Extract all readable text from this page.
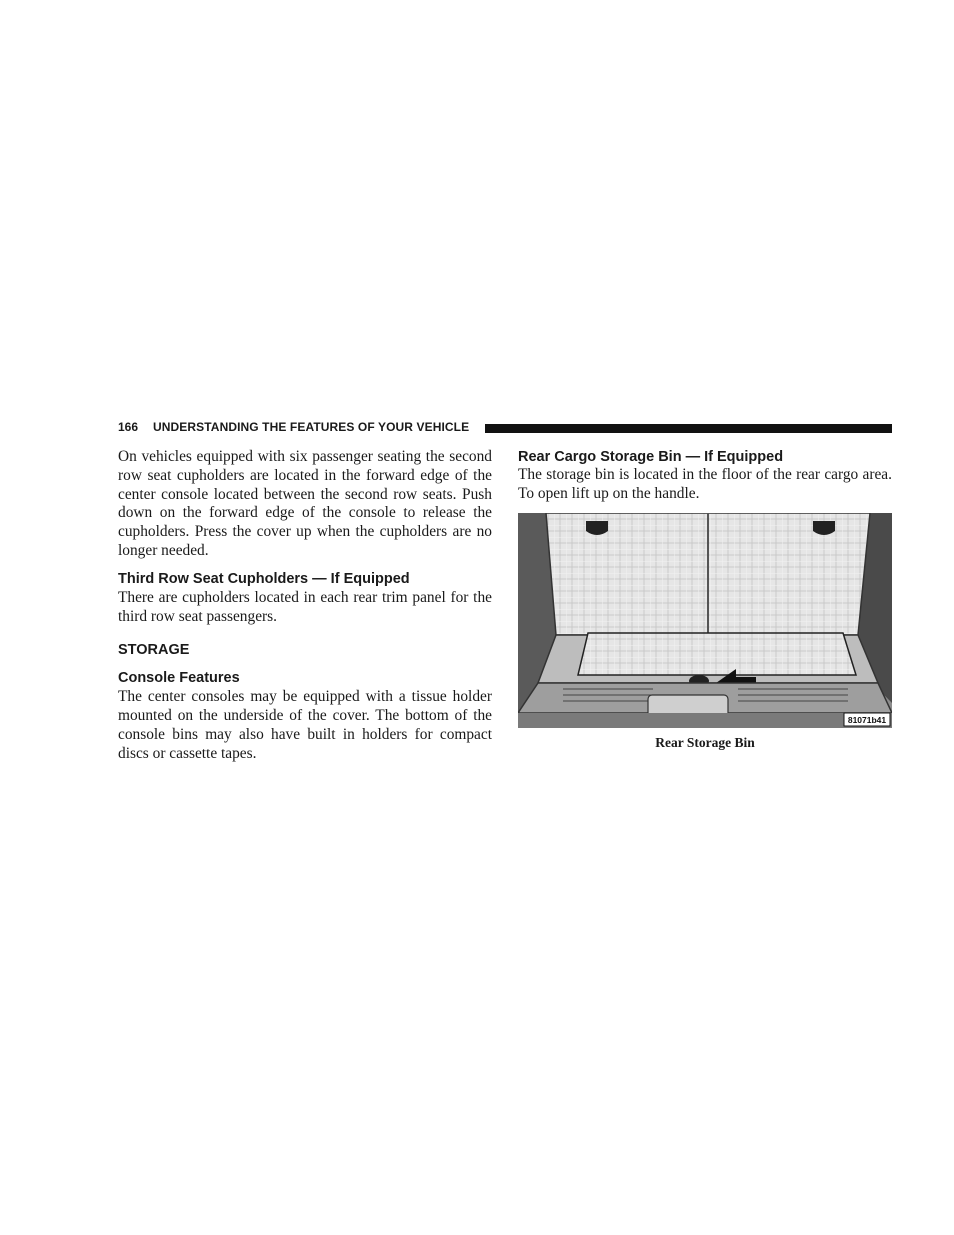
166 UNDERSTANDING THE FEATURES OF YOUR VEHICLE

On vehicles equipped with six passenger seating the second row seat cupholders are located in the forward edge of the center console located between the second row seats. Push down on the forward edge of the console to release the cupholders. Press the cover up when the cupholders are no longer needed.

Third Row Seat Cupholders — If Equipped

There are cupholders located in each rear trim panel for the third row seat passengers.

STORAGE
Console Features

The center consoles may be equipped with a tissue holder mounted on the underside of the cover. The bottom of the console bins may also have built in holders for compact discs or cassette tapes.

Rear Cargo Storage Bin — If Equipped

The storage bin is located in the floor of the rear cargo area. To open lift up on the handle.

81071b41
Rear Storage Bin
